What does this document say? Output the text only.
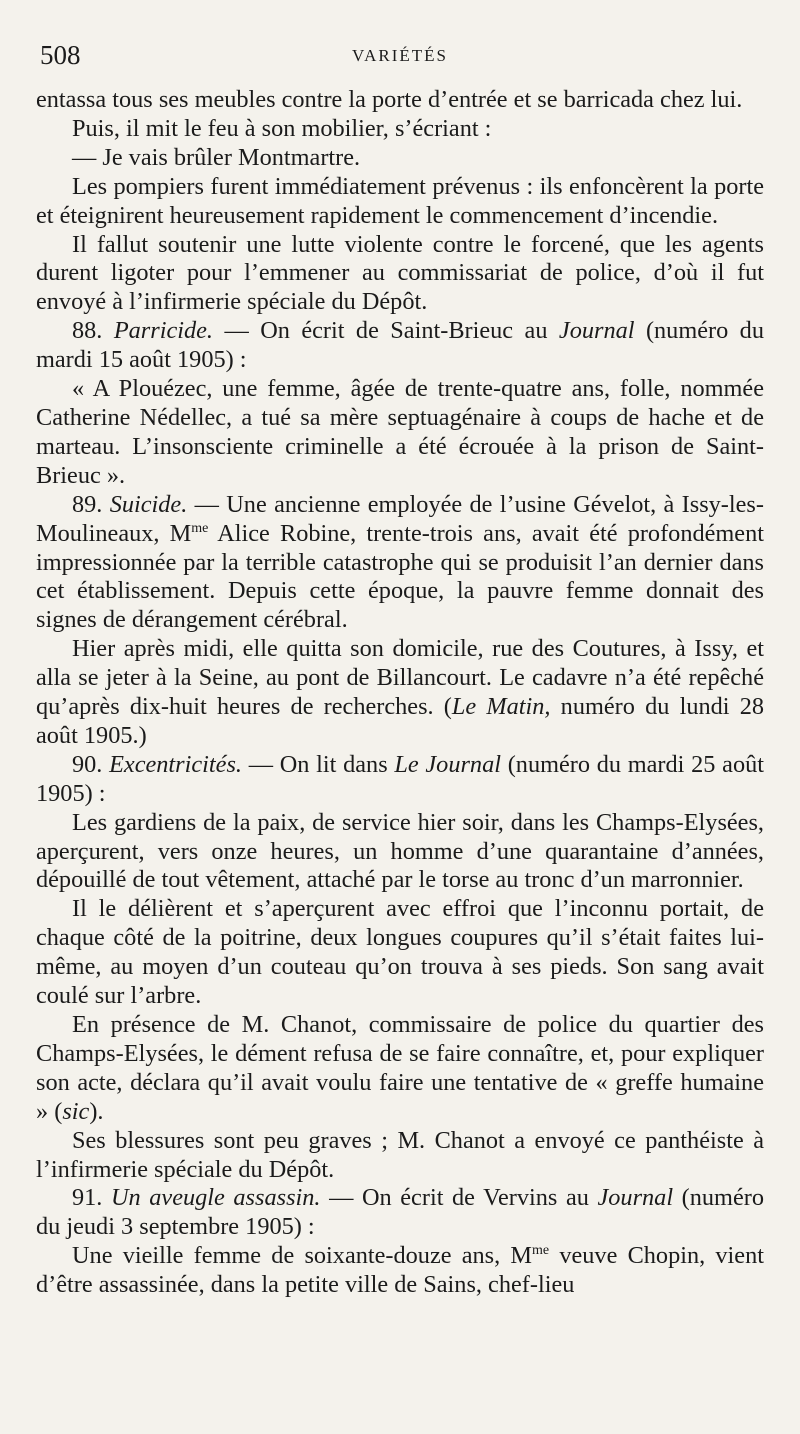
508	VARIÉTÉS

entassa tous ses meubles contre la porte d’entrée et se barricada chez lui.

Puis, il mit le feu à son mobilier, s’écriant :

— Je vais brûler Montmartre.

Les pompiers furent immédiatement prévenus : ils enfoncèrent la porte et éteignirent heureusement rapidement le commencement d’incendie.

Il fallut soutenir une lutte violente contre le forcené, que les agents durent ligoter pour l’emmener au commissariat de police, d’où il fut envoyé à l’infirmerie spéciale du Dépôt.

88. Parricide. — On écrit de Saint-Brieuc au Journal (numéro du mardi 15 août 1905) :

« A Plouézec, une femme, âgée de trente-quatre ans, folle, nommée Catherine Nédellec, a tué sa mère septuagénaire à coups de hache et de marteau. L’insonsciente criminelle a été écrouée à la prison de Saint-Brieuc ».

89. Suicide. — Une ancienne employée de l’usine Gévelot, à Issy-les-Moulineaux, $M^{me}$ Alice Robine, trente-trois ans, avait été profondément impressionnée par la terrible catastrophe qui se produisit l’an dernier dans cet établissement. Depuis cette époque, la pauvre femme donnait des signes de dérangement cérébral.

Hier après midi, elle quitta son domicile, rue des Coutures, à Issy, et alla se jeter à la Seine, au pont de Billancourt. Le cadavre n’a été repêché qu’après dix-huit heures de recherches. (Le Matin, numéro du lundi 28 août 1905.)

90. Excentricités. — On lit dans Le Journal (numéro du mardi 25 août 1905) :

Les gardiens de la paix, de service hier soir, dans les Champs-Elysées, aperçurent, vers onze heures, un homme d’une quarantaine d’années, dépouillé de tout vêtement, attaché par le torse au tronc d’un marronnier.

Il le délièrent et s’aperçurent avec effroi que l’inconnu portait, de chaque côté de la poitrine, deux longues coupures qu’il s’était faites lui-même, au moyen d’un couteau qu’on trouva à ses pieds. Son sang avait coulé sur l’arbre.

En présence de M. Chanot, commissaire de police du quartier des Champs-Elysées, le dément refusa de se faire connaître, et, pour expliquer son acte, déclara qu’il avait voulu faire une tentative de « greffe humaine » (sic).

Ses blessures sont peu graves ; M. Chanot a envoyé ce panthéiste à l’infirmerie spéciale du Dépôt.

91. Un aveugle assassin. — On écrit de Vervins au Journal (numéro du jeudi 3 septembre 1905) :

Une vieille femme de soixante-douze ans, $M^{me}$ veuve Chopin, vient d’être assassinée, dans la petite ville de Sains, chef-lieu
